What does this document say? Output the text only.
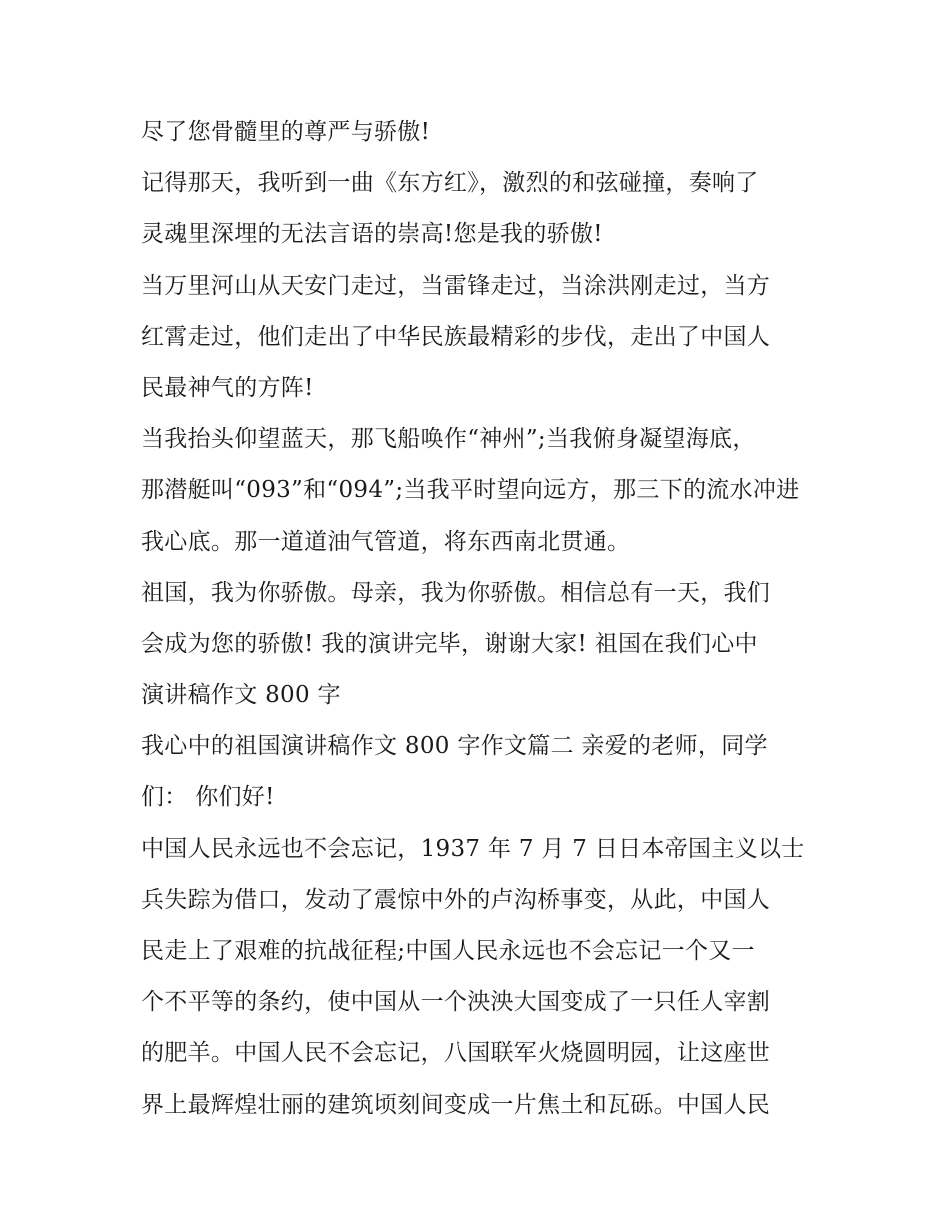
尽了您骨髓里的尊严与骄傲!
记得那天，我听到一曲《东方红》，激烈的和弦碰撞，奏响了
灵魂里深埋的无法言语的崇高!您是我的骄傲!
当万里河山从天安门走过，当雷锋走过，当涂洪刚走过，当方
红霄走过，他们走出了中华民族最精彩的步伐，走出了中国人
民最神气的方阵!
当我抬头仰望蓝天，那飞船唤作“神州”;当我俯身凝望海底，
那潜艇叫“093”和“094”;当我平时望向远方，那三下的流水冲进
我心底。那一道道油气管道，将东西南北贯通。
祖国，我为你骄傲。母亲，我为你骄傲。相信总有一天，我们
会成为您的骄傲! 我的演讲完毕，谢谢大家! 祖国在我们心中
演讲稿作文 800 字
我心中的祖国演讲稿作文 800 字作文篇二 亲爱的老师，同学
们： 你们好!
中国人民永远也不会忘记，1937 年 7 月 7 日日本帝国主义以士
兵失踪为借口，发动了震惊中外的卢沟桥事变，从此，中国人
民走上了艰难的抗战征程;中国人民永远也不会忘记一个又一
个不平等的条约，使中国从一个泱泱大国变成了一只任人宰割
的肥羊。中国人民不会忘记，八国联军火烧圆明园，让这座世
界上最辉煌壮丽的建筑顷刻间变成一片焦土和瓦砾。中国人民
